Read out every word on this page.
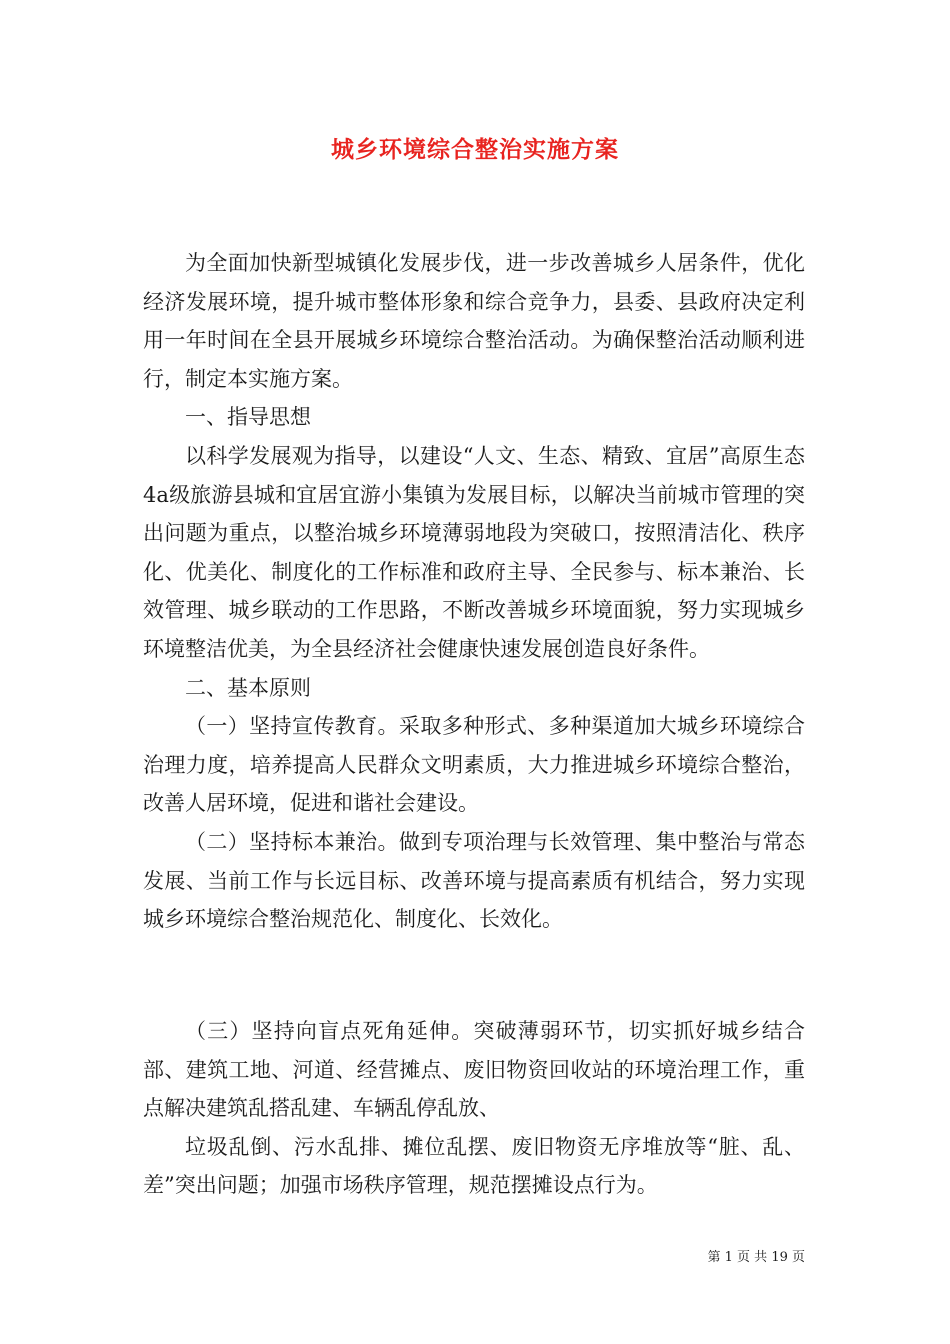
城乡环境综合整治实施方案

为全面加快新型城镇化发展步伐，进一步改善城乡人居条件，优化经济发展环境，提升城市整体形象和综合竞争力，县委、县政府决定利用一年时间在全县开展城乡环境综合整治活动。为确保整治活动顺利进行，制定本实施方案。

一、指导思想

以科学发展观为指导，以建设“人文、生态、精致、宜居”高原生态4a级旅游县城和宜居宜游小集镇为发展目标，以解决当前城市管理的突出问题为重点，以整治城乡环境薄弱地段为突破口，按照清洁化、秩序化、优美化、制度化的工作标准和政府主导、全民参与、标本兼治、长效管理、城乡联动的工作思路，不断改善城乡环境面貌，努力实现城乡环境整洁优美，为全县经济社会健康快速发展创造良好条件。

二、基本原则

（一）坚持宣传教育。采取多种形式、多种渠道加大城乡环境综合治理力度，培养提高人民群众文明素质，大力推进城乡环境综合整治，改善人居环境，促进和谐社会建设。

（二）坚持标本兼治。做到专项治理与长效管理、集中整治与常态发展、当前工作与长远目标、改善环境与提高素质有机结合，努力实现城乡环境综合整治规范化、制度化、长效化。

（三）坚持向盲点死角延伸。突破薄弱环节，切实抓好城乡结合部、建筑工地、河道、经营摊点、废旧物资回收站的环境治理工作，重点解决建筑乱搭乱建、车辆乱停乱放、

垃圾乱倒、污水乱排、摊位乱摆、废旧物资无序堆放等“脏、乱、差”突出问题；加强市场秩序管理，规范摆摊设点行为。

第 1 页 共 19 页
